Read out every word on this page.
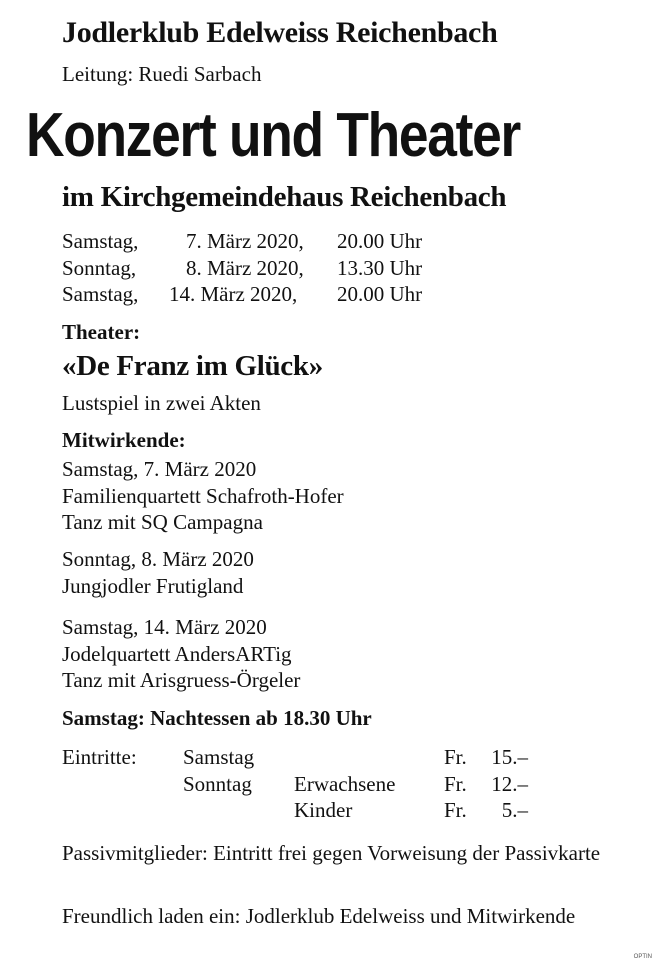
Jodlerklub Edelweiss Reichenbach
Leitung: Ruedi Sarbach
Konzert und Theater
im Kirchgemeindehaus Reichenbach
Samstag, 7. März 2020, 20.00 Uhr
Sonntag, 8. März 2020, 13.30 Uhr
Samstag, 14. März 2020, 20.00 Uhr
Theater:
«De Franz im Glück»
Lustspiel in zwei Akten
Mitwirkende:
Samstag, 7. März 2020
Familienquartett Schafroth-Hofer
Tanz mit SQ Campagna
Sonntag, 8. März 2020
Jungjodler Frutigland
Samstag, 14. März 2020
Jodelquartett AndersARTig
Tanz mit Arisgruess-Örgeler
Samstag: Nachtessen ab 18.30 Uhr
Eintritte: Samstag	Fr. 15.–
Sonntag Erwachsene Fr. 12.–
Kinder	Fr.	5.–
Passivmitglieder: Eintritt frei gegen Vorweisung der Passivkarte
Freundlich laden ein: Jodlerklub Edelweiss und Mitwirkende
OPTIN
